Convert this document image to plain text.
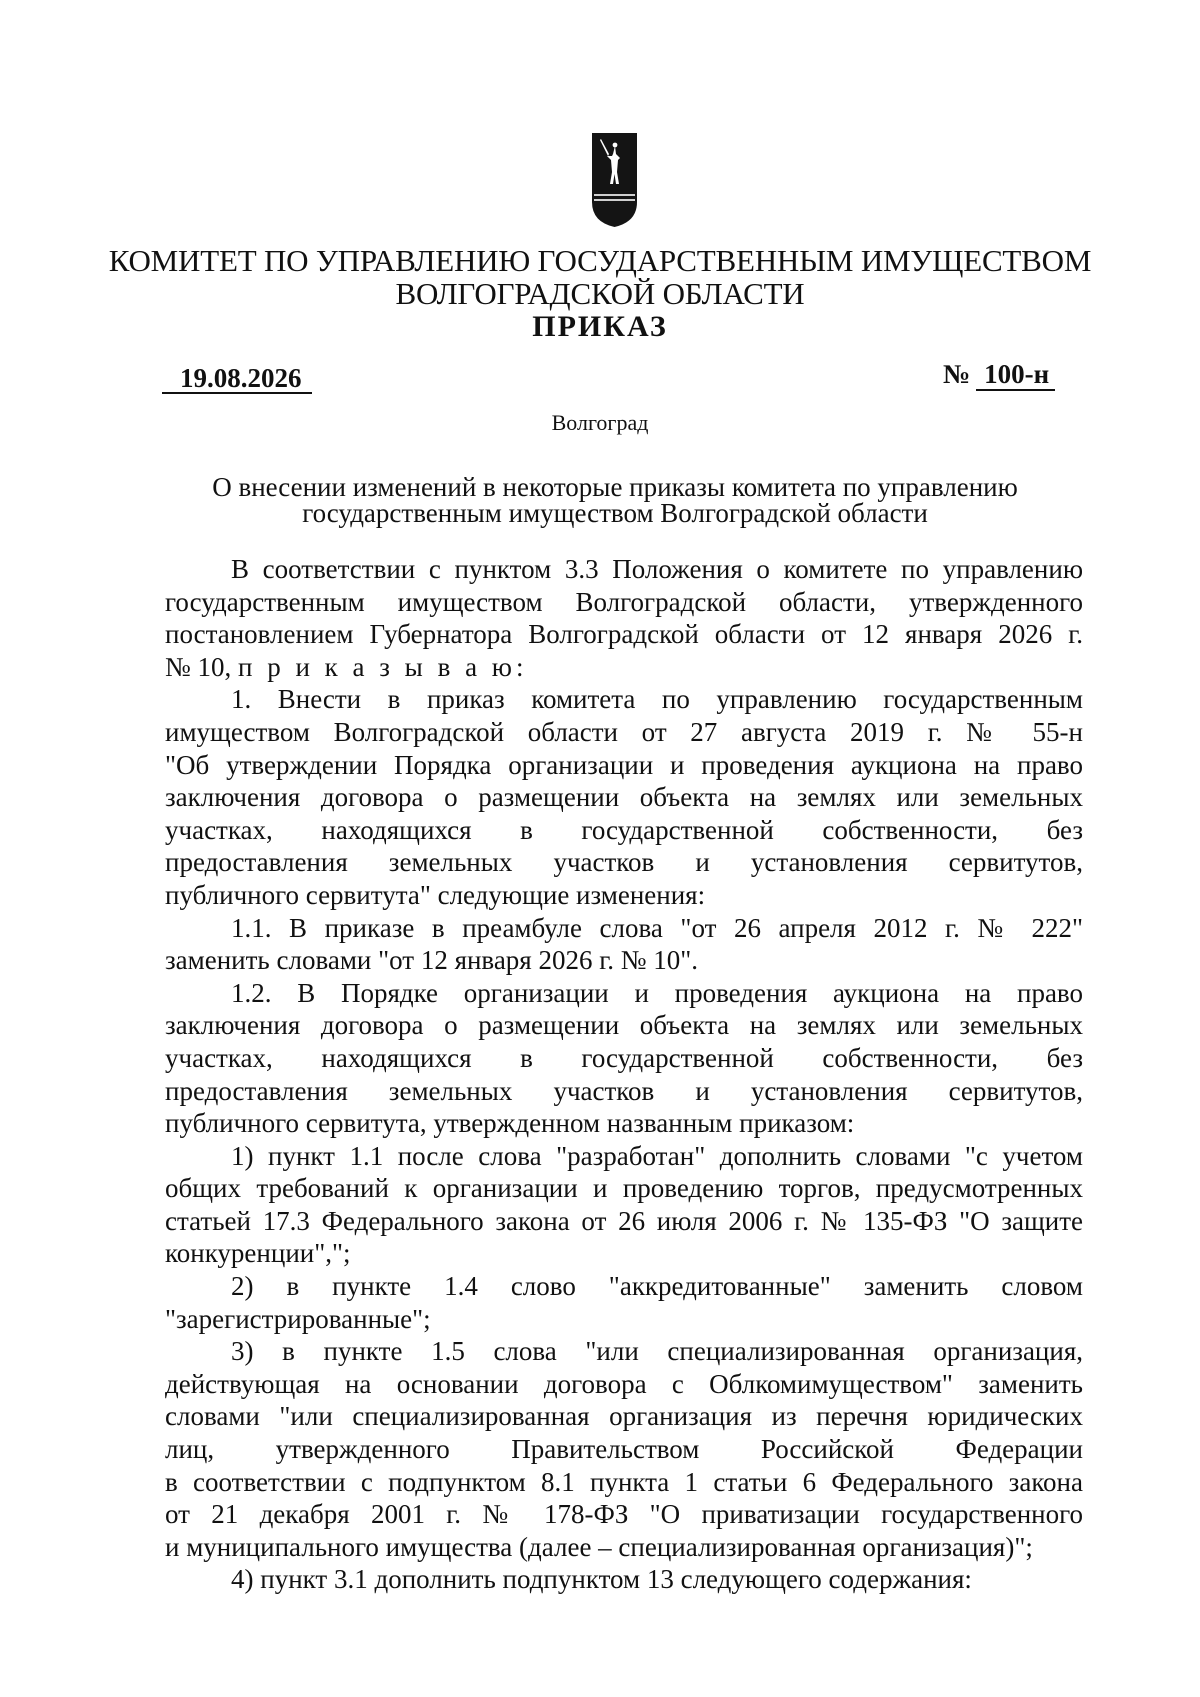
КОМИТЕТ ПО УПРАВЛЕНИЮ ГОСУДАРСТВЕННЫМ ИМУЩЕСТВОМ
ВОЛГОГРАДСКОЙ ОБЛАСТИ
ПРИКАЗ
19.08.2026	№ 100-н
Волгоград
О внесении изменений в некоторые приказы комитета по управлению
государственным имуществом Волгоградской области
В соответствии с пунктом 3.3 Положения о комитете по управлению
государственным имуществом Волгоградской области, утвержденного
постановлением Губернатора Волгоградской области от 12 января 2026 г.
№ 10, п р и к а з ы в а ю:
1. Внести в приказ комитета по управлению государственным
имуществом Волгоградской области от 27 августа 2019 г. № 55-н
"Об утверждении Порядка организации и проведения аукциона на право
заключения договора о размещении объекта на землях или земельных
участках, находящихся в государственной собственности, без
предоставления земельных участков и установления сервитутов,
публичного сервитута" следующие изменения:
1.1. В приказе в преамбуле слова "от 26 апреля 2012 г. № 222"
заменить словами "от 12 января 2026 г. № 10".
1.2. В Порядке организации и проведения аукциона на право
заключения договора о размещении объекта на землях или земельных
участках, находящихся в государственной собственности, без
предоставления земельных участков и установления сервитутов,
публичного сервитута, утвержденном названным приказом:
1) пункт 1.1 после слова "разработан" дополнить словами "с учетом
общих требований к организации и проведению торгов, предусмотренных
статьей 17.3 Федерального закона от 26 июля 2006 г. № 135-ФЗ "О защите
конкуренции",";
2) в пункте 1.4 слово "аккредитованные" заменить словом
"зарегистрированные";
3) в пункте 1.5 слова "или специализированная организация,
действующая на основании договора с Облкомимуществом" заменить
словами "или специализированная организация из перечня юридических
лиц, утвержденного Правительством Российской Федерации
в соответствии с подпунктом 8.1 пункта 1 статьи 6 Федерального закона
от 21 декабря 2001 г. № 178-ФЗ "О приватизации государственного
и муниципального имущества (далее – специализированная организация)";
4) пункт 3.1 дополнить подпунктом 13 следующего содержания:
